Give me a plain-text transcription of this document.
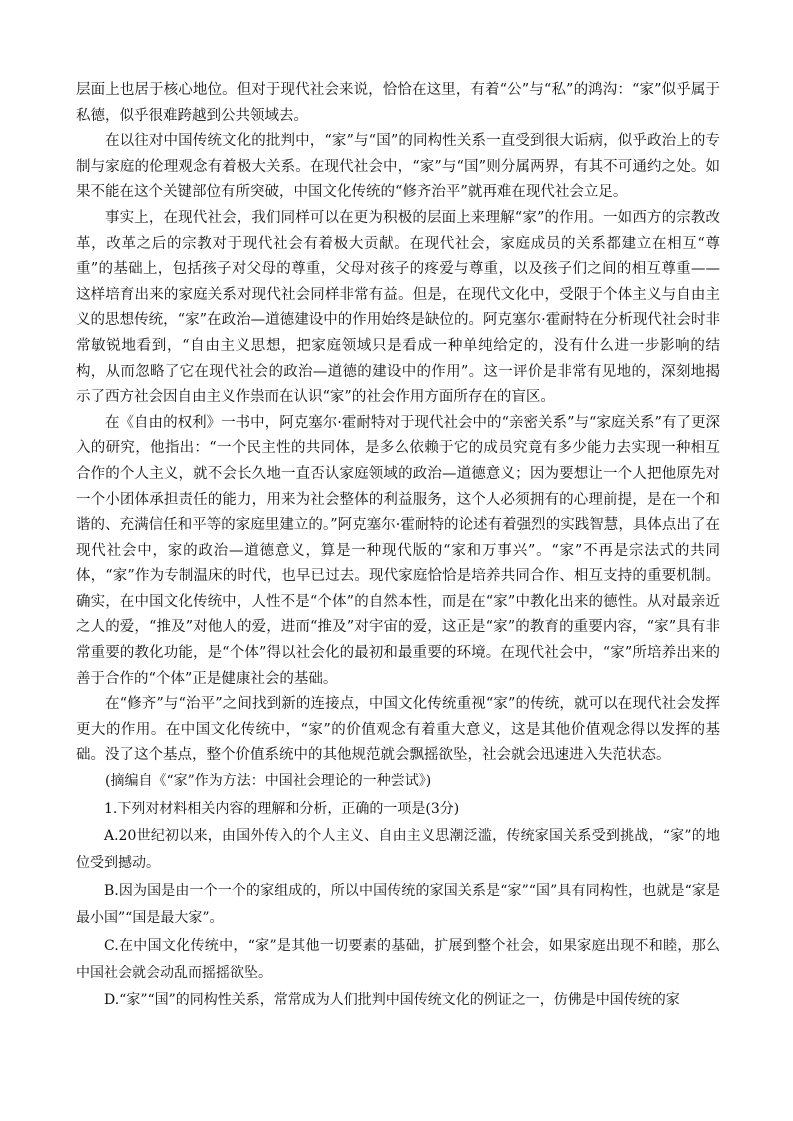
层面上也居于核心地位。但对于现代社会来说，恰恰在这里，有着“公”与“私”的鸿沟：“家”似乎属于私德，似乎很难跨越到公共领域去。

在以往对中国传统文化的批判中，“家”与“国”的同构性关系一直受到很大诟病，似乎政治上的专制与家庭的伦理观念有着极大关系。在现代社会中，“家”与“国”则分属两界，有其不可通约之处。如果不能在这个关键部位有所突破，中国文化传统的“修齐治平”就再难在现代社会立足。

事实上，在现代社会，我们同样可以在更为积极的层面上来理解“家”的作用。一如西方的宗教改革，改革之后的宗教对于现代社会有着极大贡献。在现代社会，家庭成员的关系都建立在相互“尊重”的基础上，包括孩子对父母的尊重，父母对孩子的疼爱与尊重，以及孩子们之间的相互尊重——这样培育出来的家庭关系对现代社会同样非常有益。但是，在现代文化中，受限于个体主义与自由主义的思想传统，“家”在政治—道德建设中的作用始终是缺位的。阿克塞尔·霍耐特在分析现代社会时非常敏锐地看到，“自由主义思想，把家庭领域只是看成一种单纯给定的，没有什么进一步影响的结构，从而忽略了它在现代社会的政治—道德的建设中的作用”。这一评价是非常有见地的，深刻地揭示了西方社会因自由主义作祟而在认识“家”的社会作用方面所存在的盲区。

在《自由的权利》一书中，阿克塞尔·霍耐特对于现代社会中的“亲密关系”与“家庭关系”有了更深入的研究，他指出：“一个民主性的共同体，是多么依赖于它的成员究竟有多少能力去实现一种相互合作的个人主义，就不会长久地一直否认家庭领域的政治—道德意义；因为要想让一个人把他原先对一个小团体承担责任的能力，用来为社会整体的利益服务，这个人必须拥有的心理前提，是在一个和谐的、充满信任和平等的家庭里建立的。”阿克塞尔·霍耐特的论述有着强烈的实践智慧，具体点出了在现代社会中，家的政治—道德意义，算是一种现代版的“家和万事兴”。“家”不再是宗法式的共同体，“家”作为专制温床的时代，也早已过去。现代家庭恰恰是培养共同合作、相互支持的重要机制。确实，在中国文化传统中，人性不是“个体”的自然本性，而是在“家”中教化出来的德性。从对最亲近之人的爱，“推及”对他人的爱，进而“推及”对宇宙的爱，这正是“家”的教育的重要内容，“家”具有非常重要的教化功能，是“个体”得以社会化的最初和最重要的环境。在现代社会中，“家”所培养出来的善于合作的“个体”正是健康社会的基础。

在“修齐”与“治平”之间找到新的连接点，中国文化传统重视“家”的传统，就可以在现代社会发挥更大的作用。在中国文化传统中，“家”的价值观念有着重大意义，这是其他价值观念得以发挥的基础。没了这个基点，整个价值系统中的其他规范就会飘摇欲坠，社会就会迅速进入失范状态。

(摘编自《“家”作为方法：中国社会理论的一种尝试》)

1.下列对材料相关内容的理解和分析，正确的一项是(3分)

A.20世纪初以来，由国外传入的个人主义、自由主义思潮泛滥，传统家国关系受到挑战，“家”的地位受到撼动。

B.因为国是由一个一个的家组成的，所以中国传统的家国关系是“家”“国”具有同构性，也就是“家是最小国”“国是最大家”。

C.在中国文化传统中，“家”是其他一切要素的基础，扩展到整个社会，如果家庭出现不和睦，那么中国社会就会动乱而摇摇欲坠。

D.“家”“国”的同构性关系，常常成为人们批判中国传统文化的例证之一，仿佛是中国传统的家
